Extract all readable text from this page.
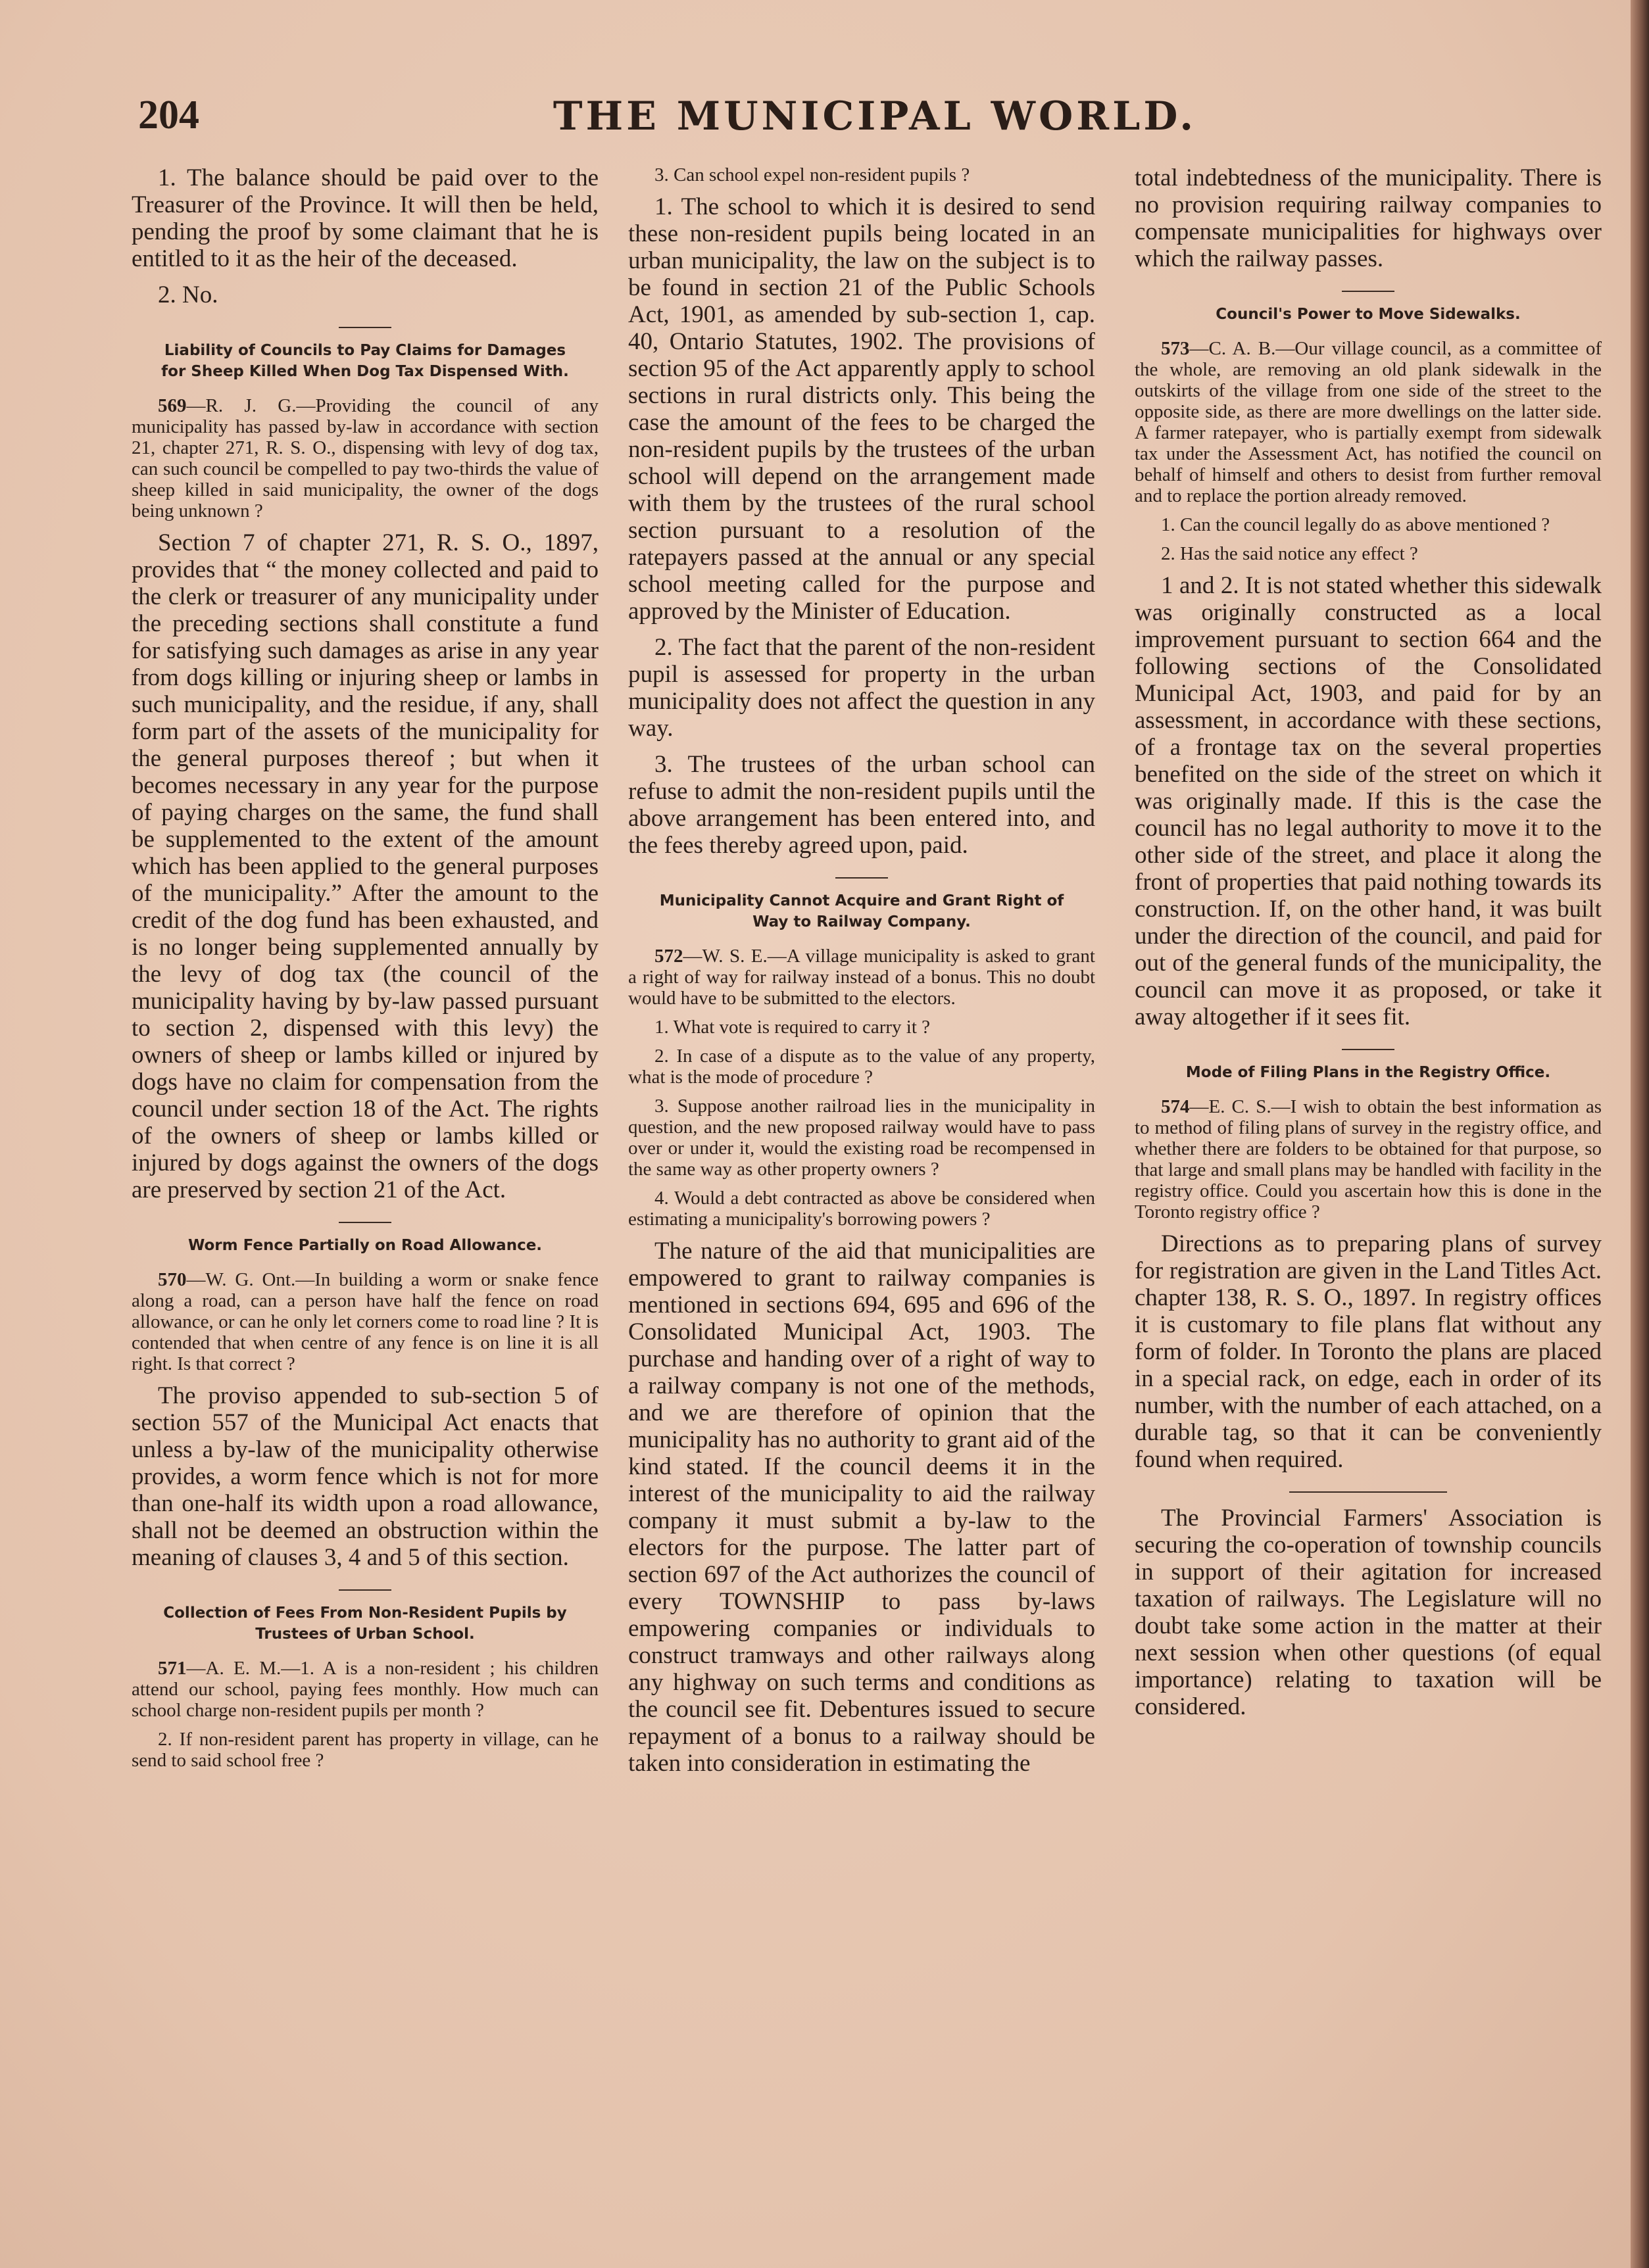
204	THE MUNICIPAL WORLD.

1. The balance should be paid over to the Treasurer of the Province. It will then be held, pending the proof by some claimant that he is entitled to it as the heir of the deceased.

2. No.

Liability of Councils to Pay Claims for Damages for Sheep Killed When Dog Tax Dispensed With.

569—R. J. G.—Providing the council of any municipality has passed by-law in accordance with section 21, chapter 271, R. S. O., dispensing with levy of dog tax, can such council be compelled to pay two-thirds the value of sheep killed in said municipality, the owner of the dogs being unknown ?

Section 7 of chapter 271, R. S. O., 1897, provides that “ the money collected and paid to the clerk or treasurer of any municipality under the preceding sections shall constitute a fund for satisfying such damages as arise in any year from dogs killing or injuring sheep or lambs in such municipality, and the residue, if any, shall form part of the assets of the municipality for the general purposes thereof ; but when it becomes necessary in any year for the purpose of paying charges on the same, the fund shall be supplemented to the extent of the amount which has been applied to the general purposes of the municipality.” After the amount to the credit of the dog fund has been exhausted, and is no longer being supplemented annually by the levy of dog tax (the council of the municipality having by by-law passed pursuant to section 2, dispensed with this levy) the owners of sheep or lambs killed or injured by dogs have no claim for compensation from the council under section 18 of the Act. The rights of the owners of sheep or lambs killed or injured by dogs against the owners of the dogs are preserved by section 21 of the Act.

Worm Fence Partially on Road Allowance.

570—W. G. Ont.—In building a worm or snake fence along a road, can a person have half the fence on road allowance, or can he only let corners come to road line ? It is contended that when centre of any fence is on line it is all right. Is that correct ?

The proviso appended to sub-section 5 of section 557 of the Municipal Act enacts that unless a by-law of the municipality otherwise provides, a worm fence which is not for more than one-half its width upon a road allowance, shall not be deemed an obstruction within the meaning of clauses 3, 4 and 5 of this section.

Collection of Fees From Non-Resident Pupils by Trustees of Urban School.

571—A. E. M.—1. A is a non-resident ; his children attend our school, paying fees monthly. How much can school charge non-resident pupils per month ?

2. If non-resident parent has property in village, can he send to said school free ?

3. Can school expel non-resident pupils ?

1. The school to which it is desired to send these non-resident pupils being located in an urban municipality, the law on the subject is to be found in section 21 of the Public Schools Act, 1901, as amended by sub-section 1, cap. 40, Ontario Statutes, 1902. The provisions of section 95 of the Act apparently apply to school sections in rural districts only. This being the case the amount of the fees to be charged the non-resident pupils by the trustees of the urban school will depend on the arrangement made with them by the trustees of the rural school section pursuant to a resolution of the ratepayers passed at the annual or any special school meeting called for the purpose and approved by the Minister of Education.

2. The fact that the parent of the non-resident pupil is assessed for property in the urban municipality does not affect the question in any way.

3. The trustees of the urban school can refuse to admit the non-resident pupils until the above arrangement has been entered into, and the fees thereby agreed upon, paid.

Municipality Cannot Acquire and Grant Right of Way to Railway Company.

572—W. S. E.—A village municipality is asked to grant a right of way for railway instead of a bonus. This no doubt would have to be submitted to the electors.

1. What vote is required to carry it ?

2. In case of a dispute as to the value of any property, what is the mode of procedure ?

3. Suppose another railroad lies in the municipality in question, and the new proposed railway would have to pass over or under it, would the existing road be recompensed in the same way as other property owners ?

4. Would a debt contracted as above be considered when estimating a municipality's borrowing powers ?

The nature of the aid that municipalities are empowered to grant to railway companies is mentioned in sections 694, 695 and 696 of the Consolidated Municipal Act, 1903. The purchase and handing over of a right of way to a railway company is not one of the methods, and we are therefore of opinion that the municipality has no authority to grant aid of the kind stated. If the council deems it in the interest of the municipality to aid the railway company it must submit a by-law to the electors for the purpose. The latter part of section 697 of the Act authorizes the council of every TOWNSHIP to pass by-laws empowering companies or individuals to construct tramways and other railways along any highway on such terms and conditions as the council see fit. Debentures issued to secure repayment of a bonus to a railway should be taken into consideration in estimating the

total indebtedness of the municipality. There is no provision requiring railway companies to compensate municipalities for highways over which the railway passes.

Council's Power to Move Sidewalks.

573—C. A. B.—Our village council, as a committee of the whole, are removing an old plank sidewalk in the outskirts of the village from one side of the street to the opposite side, as there are more dwellings on the latter side. A farmer ratepayer, who is partially exempt from sidewalk tax under the Assessment Act, has notified the council on behalf of himself and others to desist from further removal and to replace the portion already removed.

1. Can the council legally do as above mentioned ?

2. Has the said notice any effect ?

1 and 2. It is not stated whether this sidewalk was originally constructed as a local improvement pursuant to section 664 and the following sections of the Consolidated Municipal Act, 1903, and paid for by an assessment, in accordance with these sections, of a frontage tax on the several properties benefited on the side of the street on which it was originally made. If this is the case the council has no legal authority to move it to the other side of the street, and place it along the front of properties that paid nothing towards its construction. If, on the other hand, it was built under the direction of the council, and paid for out of the general funds of the municipality, the council can move it as proposed, or take it away altogether if it sees fit.

Mode of Filing Plans in the Registry Office.

574—E. C. S.—I wish to obtain the best information as to method of filing plans of survey in the registry office, and whether there are folders to be obtained for that purpose, so that large and small plans may be handled with facility in the registry office. Could you ascertain how this is done in the Toronto registry office ?

Directions as to preparing plans of survey for registration are given in the Land Titles Act. chapter 138, R. S. O., 1897. In registry offices it is customary to file plans flat without any form of folder. In Toronto the plans are placed in a special rack, on edge, each in order of its number, with the number of each attached, on a durable tag, so that it can be conveniently found when required.

The Provincial Farmers' Association is securing the co-operation of township councils in support of their agitation for increased taxation of railways. The Legislature will no doubt take some action in the matter at their next session when other questions (of equal importance) relating to taxation will be considered.
